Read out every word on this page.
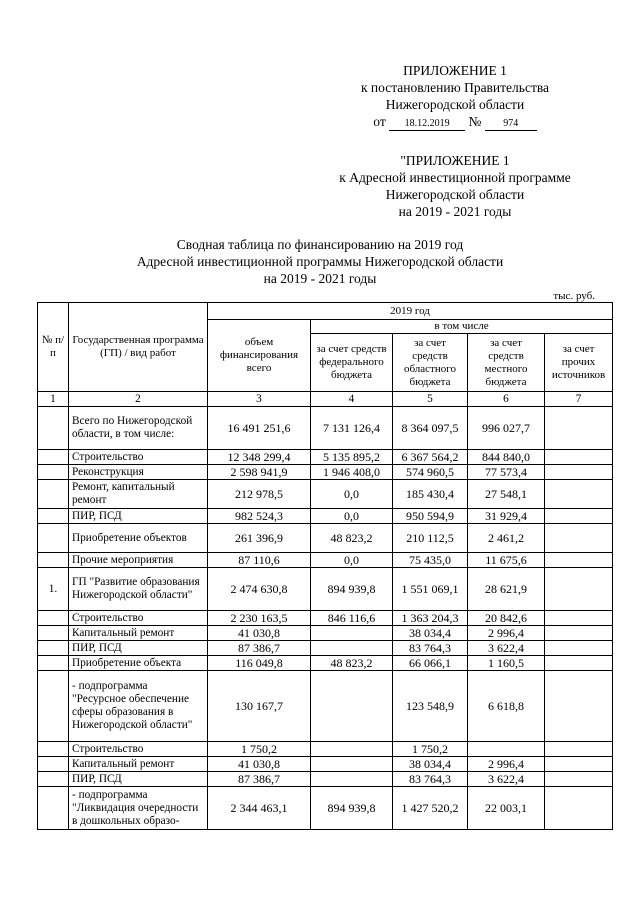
ПРИЛОЖЕНИЕ 1
к постановлению Правительства
Нижегородской области
от 18.12.2019 № 974
"ПРИЛОЖЕНИЕ 1
к Адресной инвестиционной программе
Нижегородской области
на 2019 - 2021 годы
Сводная таблица по финансированию на 2019 год
Адресной инвестиционной программы Нижегородской области
на 2019 - 2021 годы
тыс. руб.
№ п/п	Государственная программа (ГП) / вид работ	2019 год				
		объем финансирования всего	в том числе			
			за счет средств федерального бюджета	за счет средств областного бюджета	за счет средств местного бюджета	за счет прочих источников
1	2	3	4	5	6	7
	Всего по Нижегородской области, в том числе:	16 491 251,6	7 131 126,4	8 364 097,5	996 027,7	
	Строительство	12 348 299,4	5 135 895,2	6 367 564,2	844 840,0	
	Реконструкция	2 598 941,9	1 946 408,0	574 960,5	77 573,4	
	Ремонт, капитальный ремонт	212 978,5	0,0	185 430,4	27 548,1	
	ПИР, ПСД	982 524,3	0,0	950 594,9	31 929,4	
	Приобретение объектов	261 396,9	48 823,2	210 112,5	2 461,2	
	Прочие мероприятия	87 110,6	0,0	75 435,0	11 675,6	
1.	ГП "Развитие образования Нижегородской области"	2 474 630,8	894 939,8	1 551 069,1	28 621,9	
	Строительство	2 230 163,5	846 116,6	1 363 204,3	20 842,6	
	Капитальный ремонт	41 030,8		38 034,4	2 996,4	
	ПИР, ПСД	87 386,7		83 764,3	3 622,4	
	Приобретение объекта	116 049,8	48 823,2	66 066,1	1 160,5	
	- подпрограмма "Ресурсное обеспечение сферы образования в Нижегородской области"	130 167,7		123 548,9	6 618,8	
	Строительство	1 750,2		1 750,2		
	Капитальный ремонт	41 030,8		38 034,4	2 996,4	
	ПИР, ПСД	87 386,7		83 764,3	3 622,4	
	- подпрограмма "Ликвидация очередности в дошкольных образо-	2 344 463,1	894 939,8	1 427 520,2	22 003,1	
